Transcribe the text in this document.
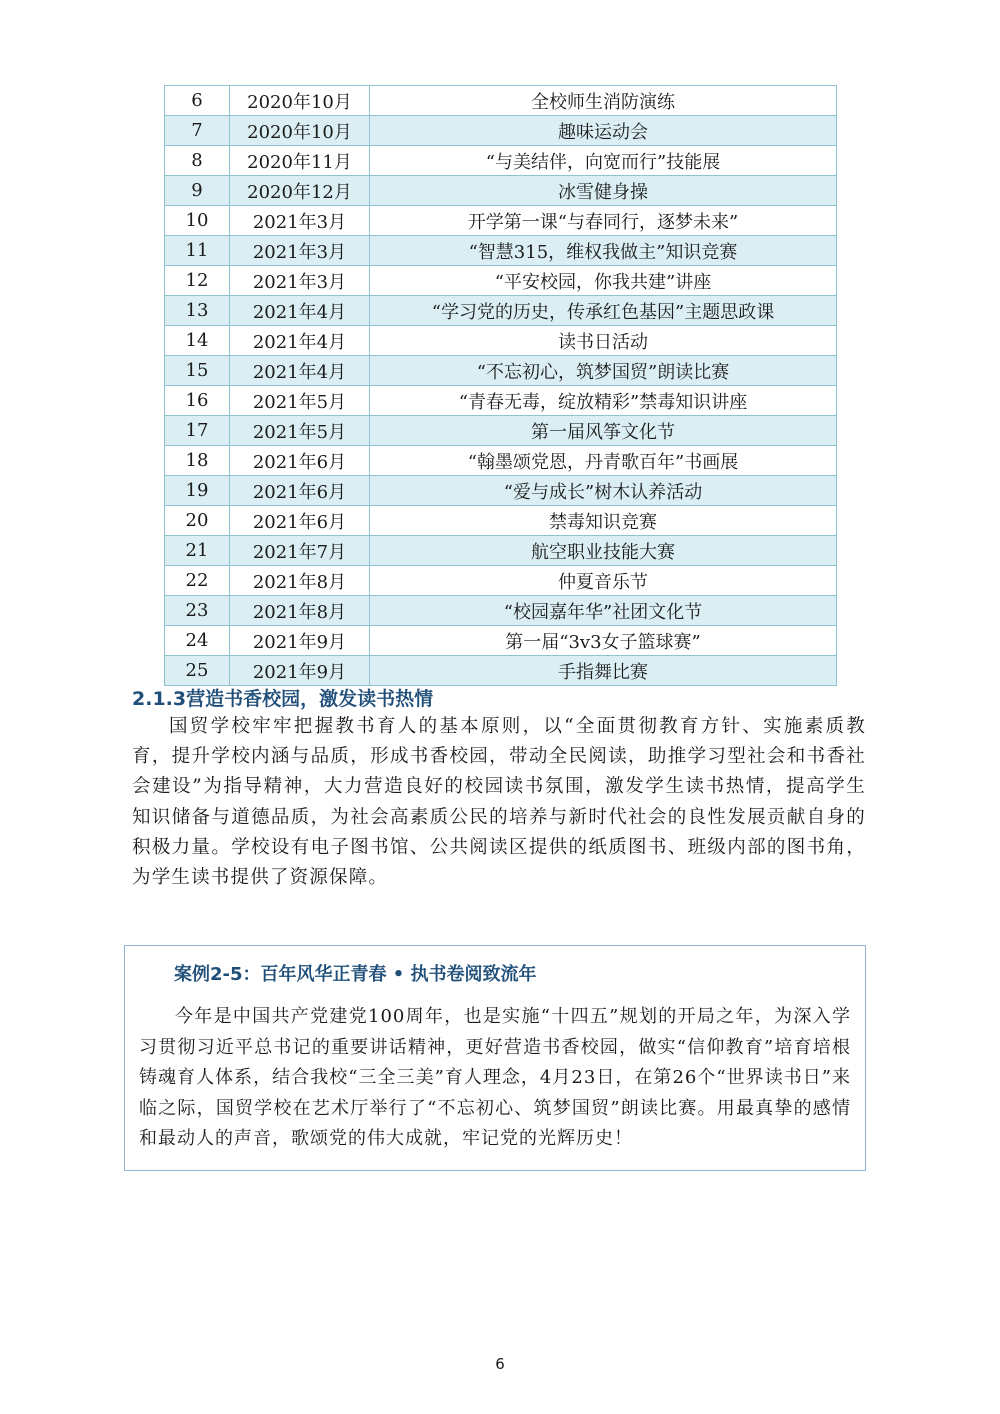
6	2020年10月	全校师生消防演练
7	2020年10月	趣味运动会
8	2020年11月	“与美结伴，向宽而行”技能展
9	2020年12月	冰雪健身操
10	2021年3月	开学第一课“与春同行，逐梦未来”
11	2021年3月	“智慧315，维权我做主”知识竞赛
12	2021年3月	“平安校园，你我共建”讲座
13	2021年4月	“学习党的历史，传承红色基因”主题思政课
14	2021年4月	读书日活动
15	2021年4月	“不忘初心，筑梦国贸”朗读比赛
16	2021年5月	“青春无毒，绽放精彩”禁毒知识讲座
17	2021年5月	第一届风筝文化节
18	2021年6月	“翰墨颂党恩，丹青歌百年”书画展
19	2021年6月	“爱与成长”树木认养活动
20	2021年6月	禁毒知识竞赛
21	2021年7月	航空职业技能大赛
22	2021年8月	仲夏音乐节
23	2021年8月	“校园嘉年华”社团文化节
24	2021年9月	第一届“3v3女子篮球赛”
25	2021年9月	手指舞比赛
2.1.3营造书香校园，激发读书热情

国贸学校牢牢把握教书育人的基本原则，以“全面贯彻教育方针、实施素质教育，提升学校内涵与品质，形成书香校园，带动全民阅读，助推学习型社会和书香社会建设”为指导精神，大力营造良好的校园读书氛围，激发学生读书热情，提高学生知识储备与道德品质，为社会高素质公民的培养与新时代社会的良性发展贡献自身的积极力量。学校设有电子图书馆、公共阅读区提供的纸质图书、班级内部的图书角，为学生读书提供了资源保障。

案例2-5：百年风华正青春 • 执书卷阅致流年

今年是中国共产党建党100周年，也是实施“十四五”规划的开局之年，为深入学习贯彻习近平总书记的重要讲话精神，更好营造书香校园，做实“信仰教育”培育培根铸魂育人体系，结合我校“三全三美”育人理念，4月23日，在第26个“世界读书日”来临之际，国贸学校在艺术厅举行了“不忘初心、筑梦国贸”朗读比赛。用最真挚的感情和最动人的声音，歌颂党的伟大成就，牢记党的光辉历史！

6
